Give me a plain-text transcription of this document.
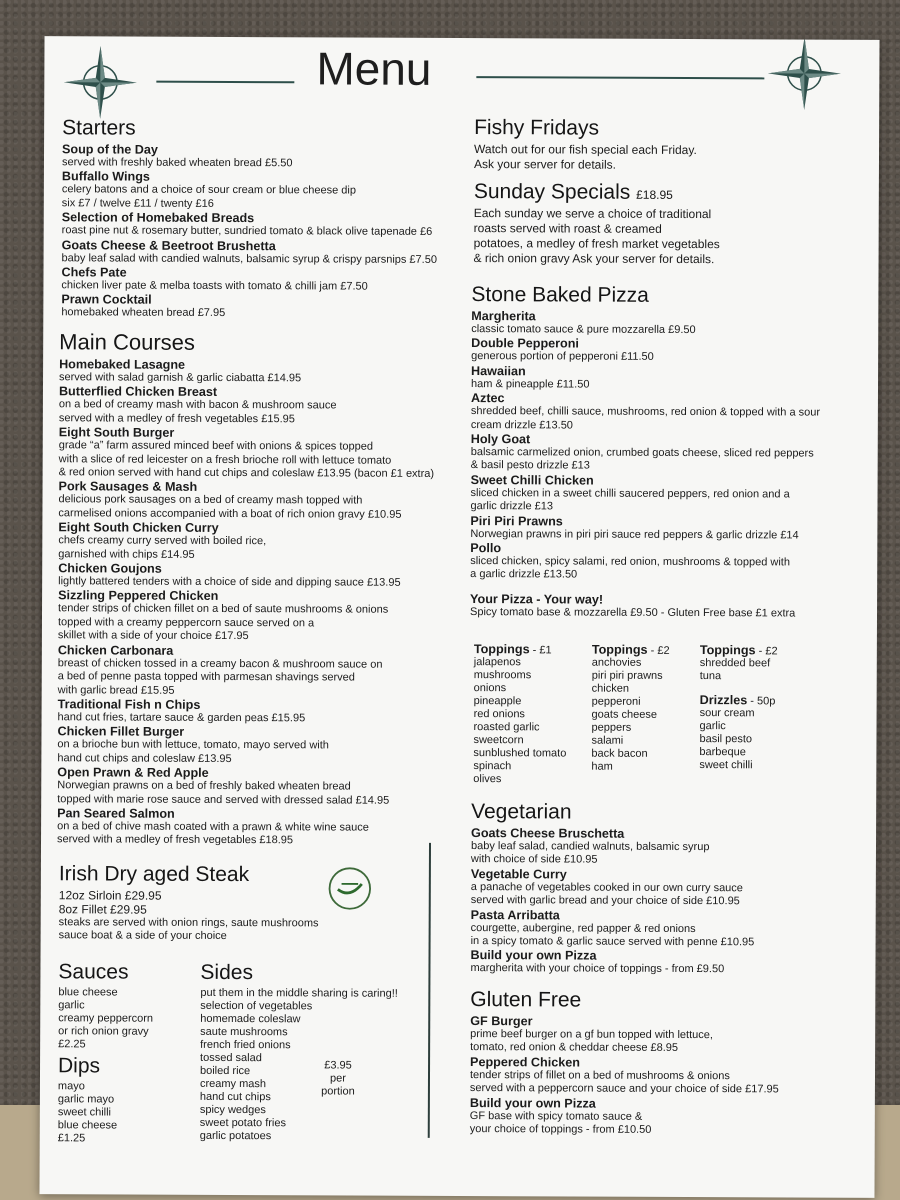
Menu
Starters
Soup of the Day
served with freshly baked wheaten bread £5.50
Buffallo Wings
celery batons and a choice of sour cream or blue cheese dip
six £7 / twelve £11 / twenty £16
Selection of Homebaked Breads
roast pine nut & rosemary butter, sundried tomato & black olive tapenade £6
Goats Cheese & Beetroot Brushetta
baby leaf salad with candied walnuts, balsamic syrup & crispy parsnips £7.50
Chefs Pate
chicken liver pate & melba toasts with tomato & chilli jam £7.50
Prawn Cocktail
homebaked wheaten bread £7.95
Main Courses
Homebaked Lasagne
served with salad garnish & garlic ciabatta £14.95
Butterflied Chicken Breast
on a bed of creamy mash with bacon & mushroom sauce
served with a medley of fresh vegetables £15.95
Eight South Burger
grade “a” farm assured minced beef with onions & spices topped
with a slice of red leicester on a fresh brioche roll with lettuce tomato
& red onion served with hand cut chips and coleslaw £13.95 (bacon £1 extra)
Pork Sausages & Mash
delicious pork sausages on a bed of creamy mash topped with
carmelised onions accompanied with a boat of rich onion gravy £10.95
Eight South Chicken Curry
chefs creamy curry served with boiled rice,
garnished with chips £14.95
Chicken Goujons
lightly battered tenders with a choice of side and dipping sauce £13.95
Sizzling Peppered Chicken
tender strips of chicken fillet on a bed of saute mushrooms & onions
topped with a creamy peppercorn sauce served on a
skillet with a side of your choice £17.95
Chicken Carbonara
breast of chicken tossed in a creamy bacon & mushroom sauce on
a bed of penne pasta topped with parmesan shavings served
with garlic bread £15.95
Traditional Fish n Chips
hand cut fries, tartare sauce & garden peas £15.95
Chicken Fillet Burger
on a brioche bun with lettuce, tomato, mayo served with
hand cut chips and coleslaw £13.95
Open Prawn & Red Apple
Norwegian prawns on a bed of freshly baked wheaten bread
topped with marie rose sauce and served with dressed salad £14.95
Pan Seared Salmon
on a bed of chive mash coated with a prawn & white wine sauce
served with a medley of fresh vegetables £18.95
Irish Dry aged Steak
12oz Sirloin £29.95
8oz Fillet £29.95
steaks are served with onion rings, saute mushrooms
sauce boat & a side of your choice
Sauces
blue cheese
garlic
creamy peppercorn
or rich onion gravy
£2.25
Dips
mayo
garlic mayo
sweet chilli
blue cheese
£1.25
Sides
put them in the middle sharing is caring!!
selection of vegetables
homemade coleslaw
saute mushrooms
french fried onions
tossed salad
boiled rice
creamy mash
hand cut chips
spicy wedges
sweet potato fries
garlic potatoes
£3.95
per
portion
Fishy Fridays
Watch out for our fish special each Friday.
Ask your server for details.
Sunday Specials £18.95
Each sunday we serve a choice of traditional
roasts served with roast & creamed
potatoes, a medley of fresh market vegetables
& rich onion gravy Ask your server for details.
Stone Baked Pizza
Margherita
classic tomato sauce & pure mozzarella £9.50
Double Pepperoni
generous portion of pepperoni £11.50
Hawaiian
ham & pineapple £11.50
Aztec
shredded beef, chilli sauce, mushrooms, red onion & topped with a sour
cream drizzle £13.50
Holy Goat
balsamic carmelized onion, crumbed goats cheese, sliced red peppers
& basil pesto drizzle £13
Sweet Chilli Chicken
sliced chicken in a sweet chilli saucered peppers, red onion and a
garlic drizzle £13
Piri Piri Prawns
Norwegian prawns in piri piri sauce red peppers & garlic drizzle £14
Pollo
sliced chicken, spicy salami, red onion, mushrooms & topped with
a garlic drizzle £13.50
Your Pizza - Your way!
Spicy tomato base & mozzarella £9.50 - Gluten Free base £1 extra
Toppings - £1
jalapenos
mushrooms
onions
pineapple
red onions
roasted garlic
sweetcorn
sunblushed tomato
spinach
olives
Toppings - £2
anchovies
piri piri prawns
chicken
pepperoni
goats cheese
peppers
salami
back bacon
ham
Toppings - £2
shredded beef
tuna
Drizzles - 50p
sour cream
garlic
basil pesto
barbeque
sweet chilli
Vegetarian
Goats Cheese Bruschetta
baby leaf salad, candied walnuts, balsamic syrup
with choice of side £10.95
Vegetable Curry
a panache of vegetables cooked in our own curry sauce
served with garlic bread and your choice of side £10.95
Pasta Arribatta
courgette, aubergine, red papper & red onions
in a spicy tomato & garlic sauce served with penne £10.95
Build your own Pizza
margherita with your choice of toppings - from £9.50
Gluten Free
GF Burger
prime beef burger on a gf bun topped with lettuce,
tomato, red onion & cheddar cheese £8.95
Peppered Chicken
tender strips of fillet on a bed of mushrooms & onions
served with a peppercorn sauce and your choice of side £17.95
Build your own Pizza
GF base with spicy tomato sauce &
your choice of toppings - from £10.50
